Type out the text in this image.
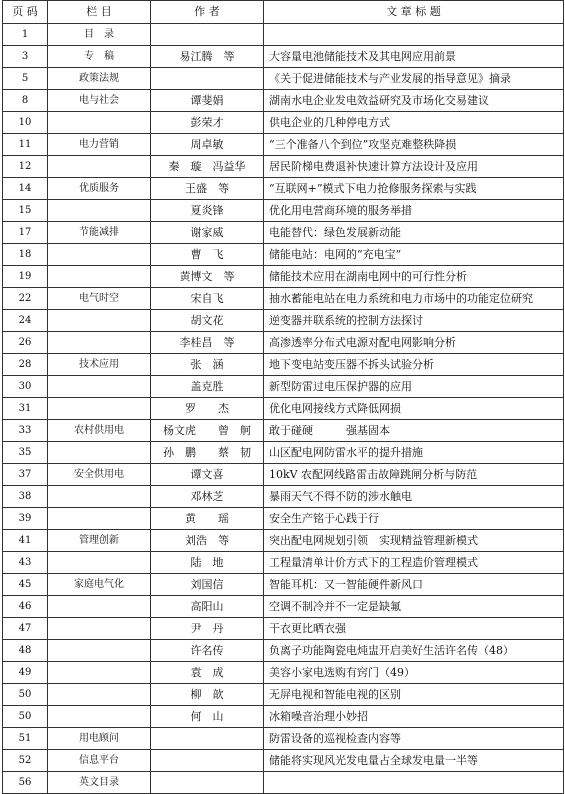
页 码	栏 目	作 者	文 章 标 题
1	目　录		
3	专　稿	易江腾　等	大容量电池储能技术及其电网应用前景
5	政策法规		《关于促进储能技术与产业发展的指导意见》摘录
8	电与社会	谭斐娟	湖南水电企业发电效益研究及市场化交易建议
10		彭荣才	供电企业的几种停电方式
11	电力营销	周卓敏	“三个准备八个到位”攻坚克难整秩降损
12		秦　璇　冯益华	居民阶梯电费退补快速计算方法设计及应用
14	优质服务	王盛　等	“互联网+”模式下电力抢修服务探索与实践
15		夏炎锋	优化用电营商环境的服务举措
17	节能减排	谢家威	电能替代：绿色发展新动能
18		曹　飞	储能电站：电网的“充电宝”
19		黄博文　等	储能技术应用在湖南电网中的可行性分析
22	电气时空	宋自飞	抽水蓄能电站在电力系统和电力市场中的功能定位研究
24		胡文花	逆变器并联系统的控制方法探讨
26		李桂昌　等	高渗透率分布式电源对配电网影响分析
28	技术应用	张　涵	地下变电站变压器不拆头试验分析
30		盖克胜	新型防雷过电压保护器的应用
31		罗　　杰	优化电网接线方式降低网损
33	农村供用电	杨文虎　　曾　舸	敢于碰硬　　　强基固本
35		孙　鹏　　蔡　韧	山区配电网防雷水平的提升措施
37	安全供用电	谭文喜	10kV 农配网线路雷击故障跳闸分析与防范
38		邓林芝	暴雨天气不得不防的涉水触电
39		黄　　瑶	安全生产铭于心践于行
41	管理创新	刘浩　等	突出配电网规划引领　实现精益管理新模式
43		陆　地	工程量清单计价方式下的工程造价管理模式
45	家庭电气化	刘国信	智能耳机：又一智能硬件新风口
46		高阳山	空调不制冷并不一定是缺氟
47		尹　丹	干衣更比晒衣强
48		许名传	负离子功能陶瓷电炖盅开启美好生活许名传（48）
49		袁　成	美容小家电选购有窍门（49）
50		柳　歆	无屏电视和智能电视的区别
50		何　山	冰箱噪音治理小妙招
51	用电顾问		防雷设备的巡视检查内容等
52	信息平台		储能将实现风光发电量占全球发电量一半等
56	英文目录		
